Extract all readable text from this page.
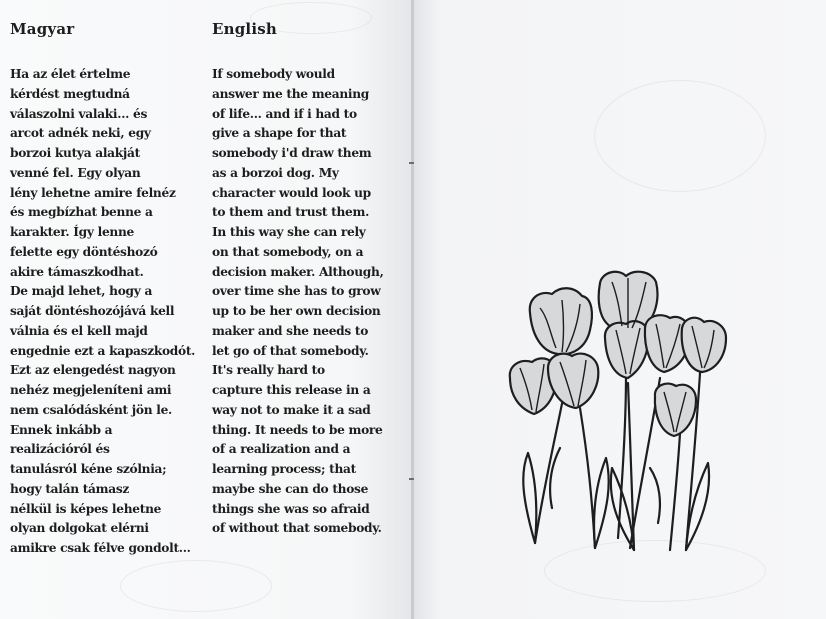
Magyar
Ha az élet értelme
kérdést megtudná
válaszolni valaki... és
arcot adnék neki, egy
borzoi kutya alakját
venné fel. Egy olyan
lény lehetne amire felnéz
és megbízhat benne a
karakter. Így lenne
felette egy döntéshozó
akire támaszkodhat.
De majd lehet, hogy a
saját döntéshozójává kell
válnia és el kell majd
engednie ezt a kapaszkodót.
Ezt az elengedést nagyon
nehéz megjeleníteni ami
nem csalódásként jön le.
Ennek inkább a
realizációról és
tanulásról kéne szólnia;
hogy talán támasz
nélkül is képes lehetne
olyan dolgokat elérni
amikre csak félve gondolt...
English
If somebody would
answer me the meaning
of life... and if i had to
give a shape for that
somebody i'd draw them
as a borzoi dog. My
character would look up
to them and trust them.
In this way she can rely
on that somebody, on a
decision maker. Although,
over time she has to grow
up to be her own decision
maker and she needs to
let go of that somebody.
It's really hard to
capture this release in a
way not to make it a sad
thing. It needs to be more
of a realization and a
learning process; that
maybe she can do those
things she was so afraid
of without that somebody.
